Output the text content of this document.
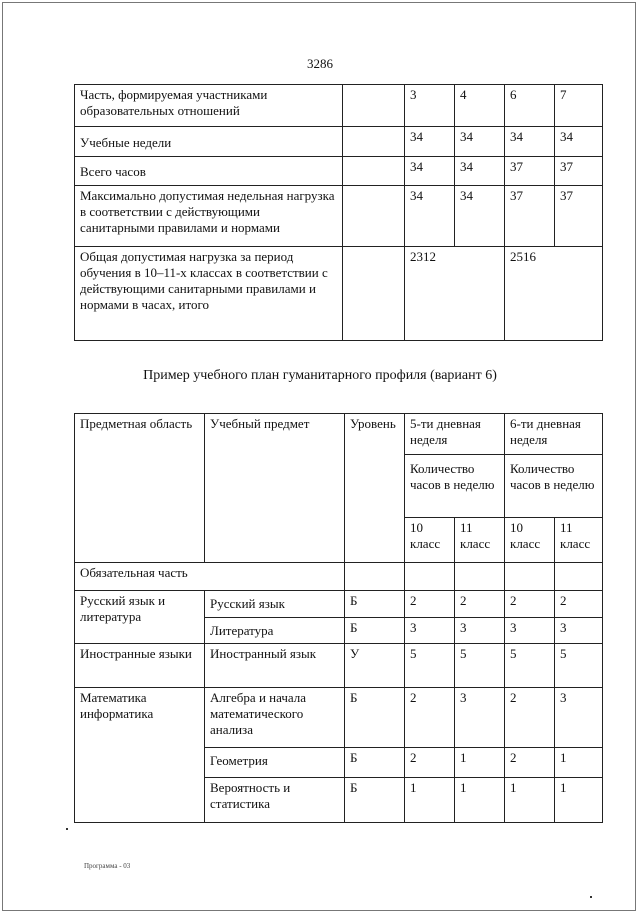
3286
Часть, формируемая участниками образовательных отношений		3	4	6	7
Учебные недели		34	34	34	34
Всего часов		34	34	37	37
Максимально допустимая недельная нагрузка в соответствии с действующими санитарными правилами и нормами		34	34	37	37
Общая допустимая нагрузка за период обучения в 10–11-х классах в соответствии с действующими санитарными правилами и нормами в часах, итого		2312		2516	
Пример учебного план гуманитарного профиля (вариант 6)
Предметная область	Учебный предмет	Уровень	5-ти дневная неделя		6-ти дневная неделя	
			Количество часов в неделю		Количество часов в неделю	
			10 класс	11 класс	10 класс	11 класс
Обязательная часть						
Русский язык и литература	Русский язык	Б	2	2	2	2
	Литература	Б	3	3	3	3
Иностранные языки	Иностранный язык	У	5	5	5	5
Математика информатика	Алгебра и начала математического анализа	Б	2	3	2	3
	Геометрия	Б	2	1	2	1
	Вероятность и статистика	Б	1	1	1	1
Программа - 03
